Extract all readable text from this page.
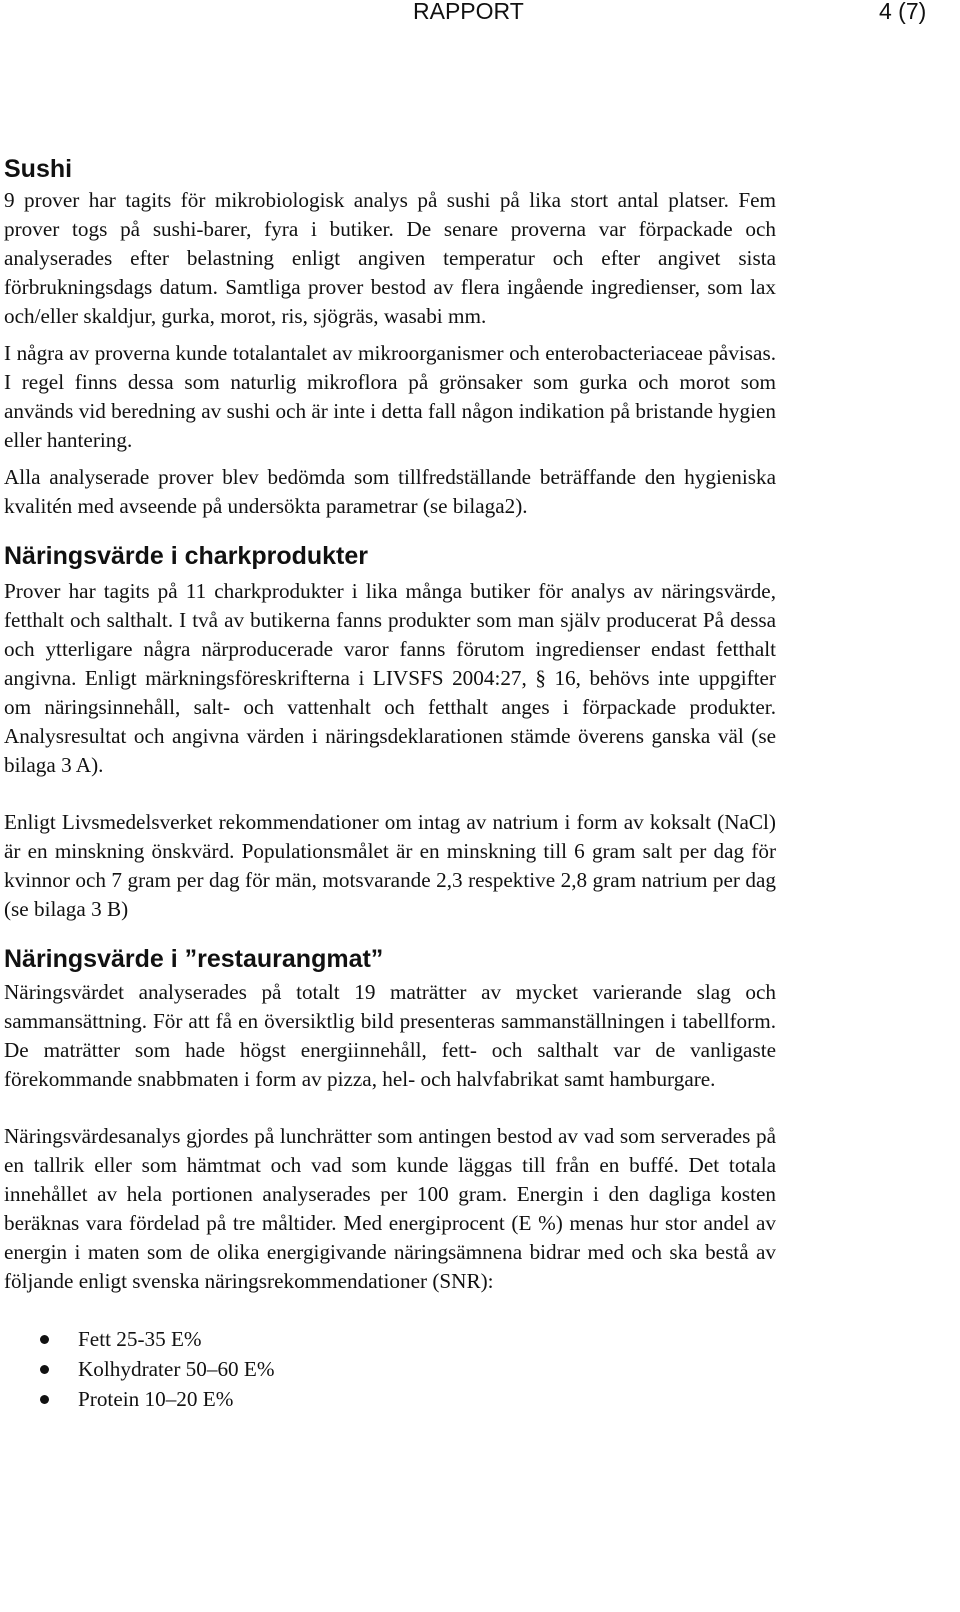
RAPPORT	4 (7)
Sushi

9 prover har tagits för mikrobiologisk analys på sushi på lika stort antal platser. Fem prover togs på sushi-barer, fyra i butiker. De senare proverna var förpackade och analyserades efter belastning enligt angiven temperatur och efter angivet sista förbrukningsdags datum. Samtliga prover bestod av flera ingående ingredienser, som lax och/eller skaldjur, gurka, morot, ris, sjögräs, wasabi mm.

I några av proverna kunde totalantalet av mikroorganismer och enterobacteriaceae påvisas. I regel finns dessa som naturlig mikroflora på grönsaker som gurka och morot som används vid beredning av sushi och är inte i detta fall någon indikation på bristande hygien eller hantering.

Alla analyserade prover blev bedömda som tillfredställande beträffande den hygieniska kvalitén med avseende på undersökta parametrar (se bilaga2).

Näringsvärde i charkprodukter

Prover har tagits på 11 charkprodukter i lika många butiker för analys av näringsvärde, fetthalt och salthalt. I två av butikerna fanns produkter som man själv producerat På dessa och ytterligare några närproducerade varor fanns förutom ingredienser endast fetthalt angivna. Enligt märkningsföreskrifterna i LIVSFS 2004:27, § 16, behövs inte uppgifter om näringsinnehåll, salt- och vattenhalt och fetthalt anges i förpackade produkter. Analysresultat och angivna värden i näringsdeklarationen stämde överens ganska väl (se bilaga 3 A).

Enligt Livsmedelsverket rekommendationer om intag av natrium i form av koksalt (NaCl) är en minskning önskvärd. Populationsmålet är en minskning till 6 gram salt per dag för kvinnor och 7 gram per dag för män, motsvarande 2,3 respektive 2,8 gram natrium per dag (se bilaga 3 B)

Näringsvärde i ”restaurangmat”

Näringsvärdet analyserades på totalt 19 maträtter av mycket varierande slag och sammansättning. För att få en översiktlig bild presenteras sammanställningen i tabellform. De maträtter som hade högst energiinnehåll, fett- och salthalt var de vanligaste förekommande snabbmaten i form av pizza, hel- och halvfabrikat samt hamburgare.

Näringsvärdesanalys gjordes på lunchrätter som antingen bestod av vad som serverades på en tallrik eller som hämtmat och vad som kunde läggas till från en buffé. Det totala innehållet av hela portionen analyserades per 100 gram. Energin i den dagliga kosten beräknas vara fördelad på tre måltider. Med energiprocent (E %) menas hur stor andel av energin i maten som de olika energigivande näringsämnena bidrar med och ska bestå av följande enligt svenska näringsrekommendationer (SNR):

Fett 25-35 E%
Kolhydrater 50–60 E%
Protein 10–20 E%
